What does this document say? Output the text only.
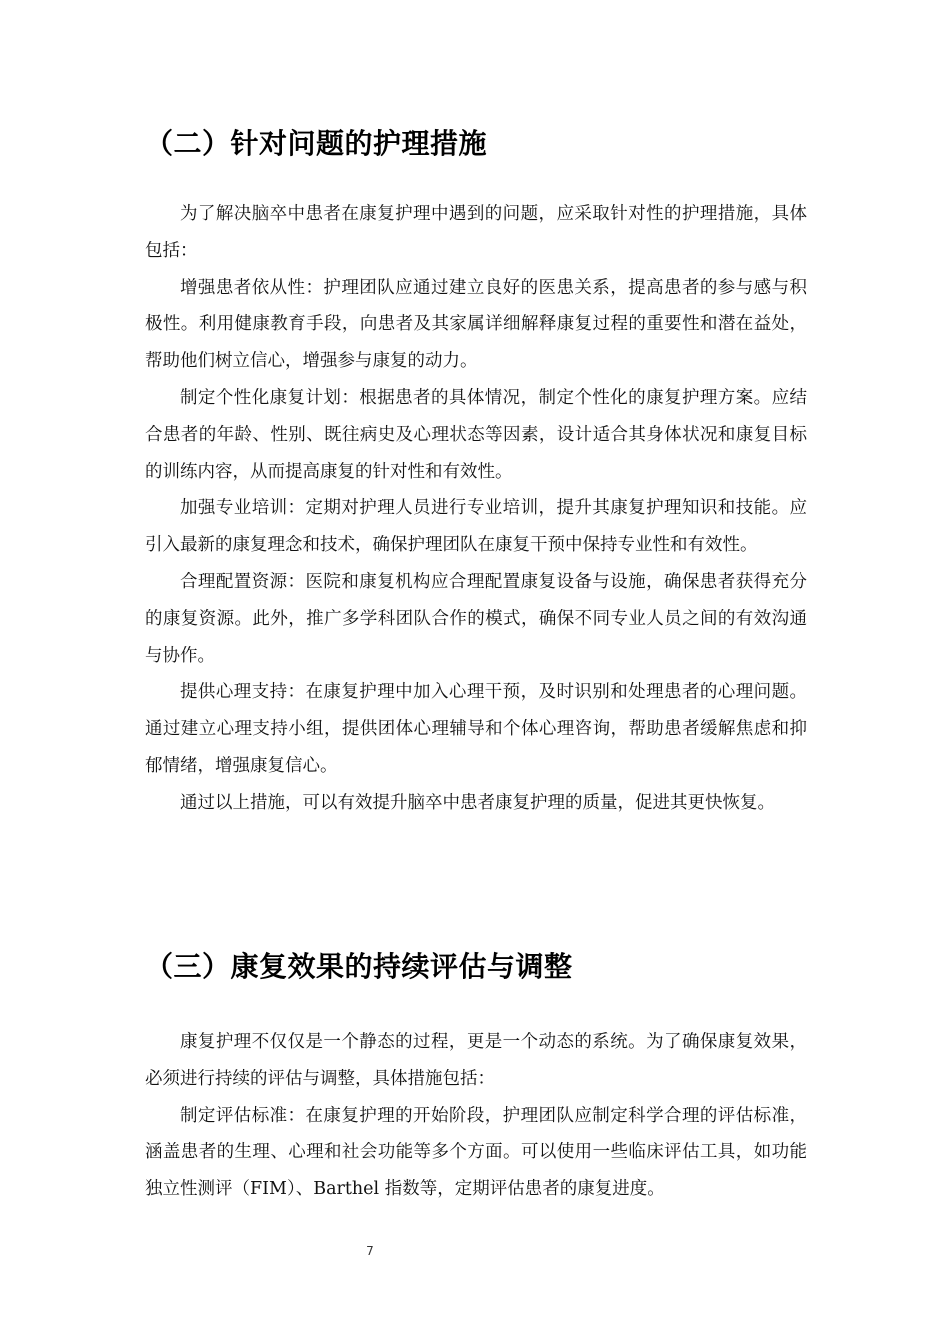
（二）针对问题的护理措施

为了解决脑卒中患者在康复护理中遇到的问题，应采取针对性的护理措施，具体包括：

增强患者依从性：护理团队应通过建立良好的医患关系，提高患者的参与感与积极性。利用健康教育手段，向患者及其家属详细解释康复过程的重要性和潜在益处，帮助他们树立信心，增强参与康复的动力。

制定个性化康复计划：根据患者的具体情况，制定个性化的康复护理方案。应结合患者的年龄、性别、既往病史及心理状态等因素，设计适合其身体状况和康复目标的训练内容，从而提高康复的针对性和有效性。

加强专业培训：定期对护理人员进行专业培训，提升其康复护理知识和技能。应引入最新的康复理念和技术，确保护理团队在康复干预中保持专业性和有效性。

合理配置资源：医院和康复机构应合理配置康复设备与设施，确保患者获得充分的康复资源。此外，推广多学科团队合作的模式，确保不同专业人员之间的有效沟通与协作。

提供心理支持：在康复护理中加入心理干预，及时识别和处理患者的心理问题。通过建立心理支持小组，提供团体心理辅导和个体心理咨询，帮助患者缓解焦虑和抑郁情绪，增强康复信心。

通过以上措施，可以有效提升脑卒中患者康复护理的质量，促进其更快恢复。

（三）康复效果的持续评估与调整

康复护理不仅仅是一个静态的过程，更是一个动态的系统。为了确保康复效果，必须进行持续的评估与调整，具体措施包括：

制定评估标准：在康复护理的开始阶段，护理团队应制定科学合理的评估标准，涵盖患者的生理、心理和社会功能等多个方面。可以使用一些临床评估工具，如功能独立性测评（FIM）、Barthel 指数等，定期评估患者的康复进度。

7
